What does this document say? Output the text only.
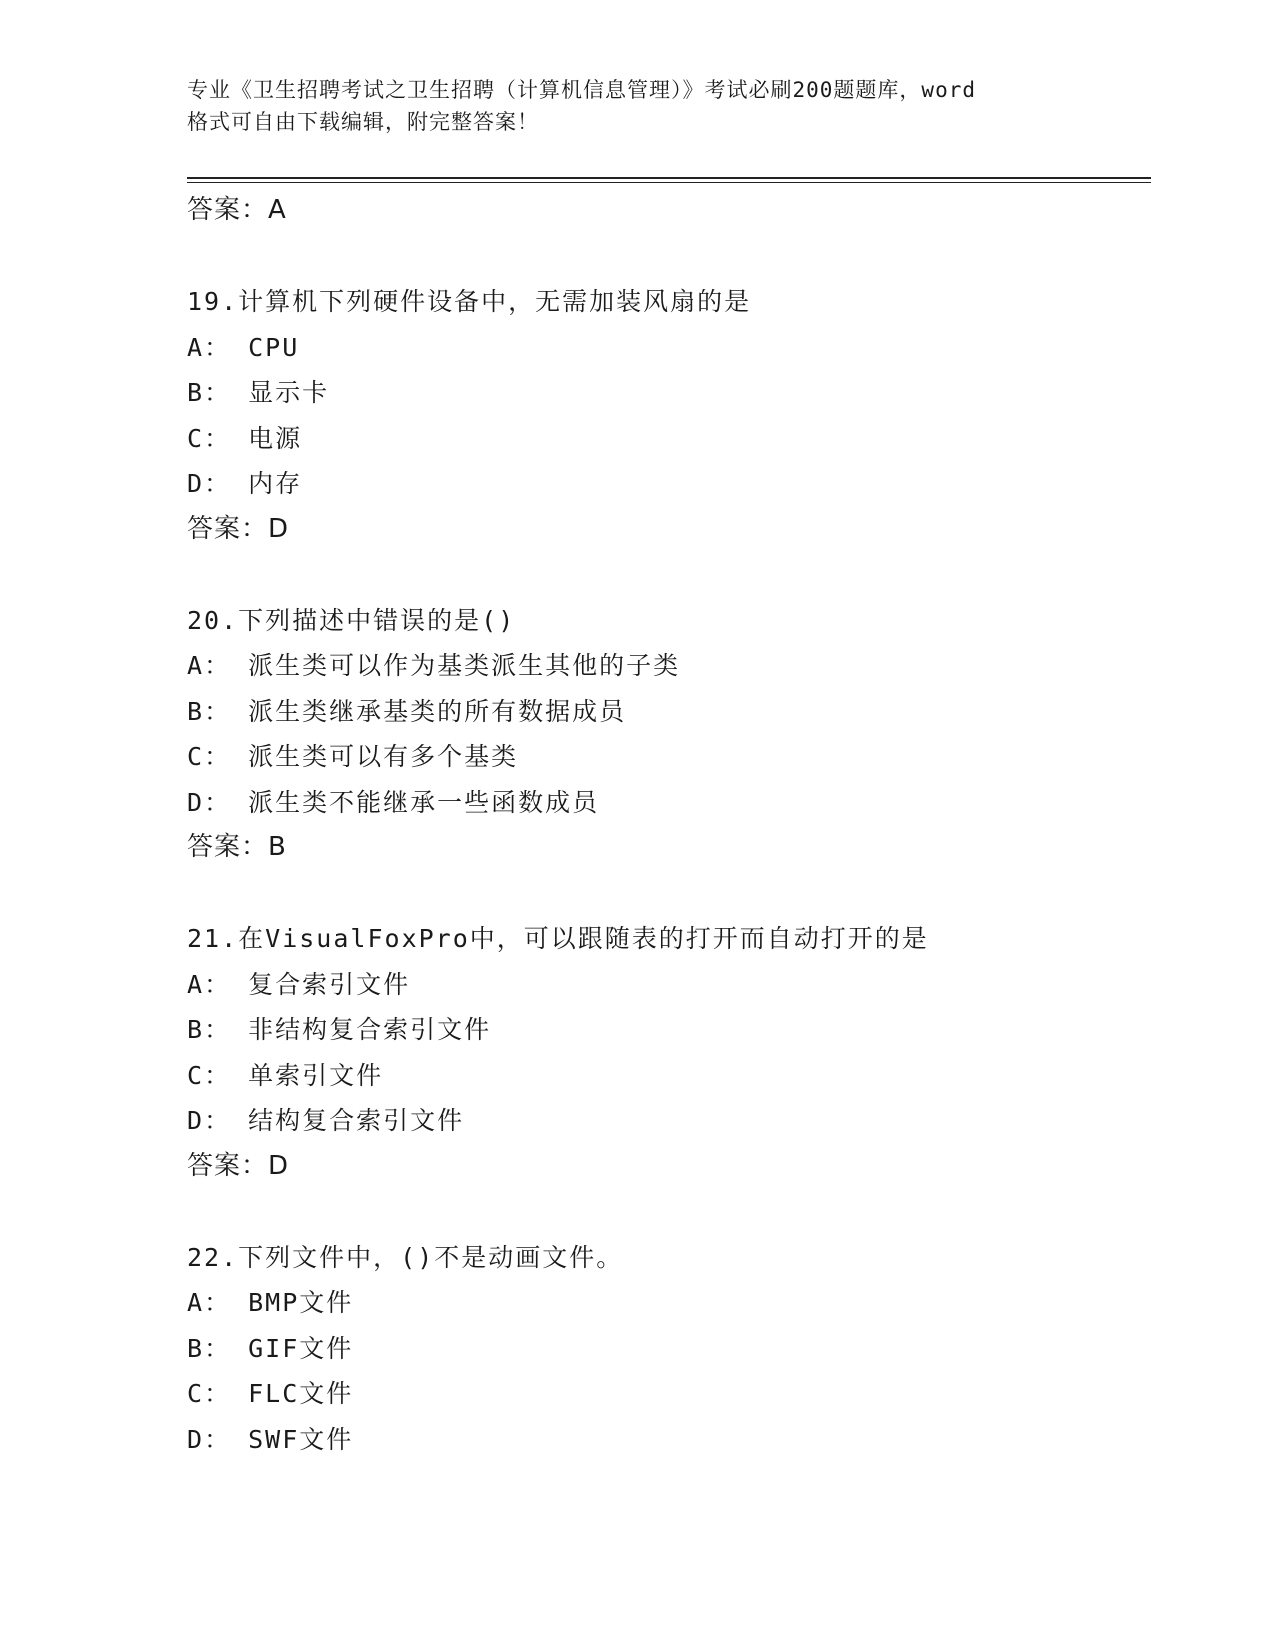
专业《卫生招聘考试之卫生招聘（计算机信息管理）》考试必刷200题题库，word
格式可自由下载编辑，附完整答案！
答案：A
19.计算机下列硬件设备中，无需加装风扇的是
A： CPU
B： 显示卡
C： 电源
D： 内存
答案：D
20.下列描述中错误的是()
A： 派生类可以作为基类派生其他的子类
B： 派生类继承基类的所有数据成员
C： 派生类可以有多个基类
D： 派生类不能继承一些函数成员
答案：B
21.在VisualFoxPro中，可以跟随表的打开而自动打开的是
A： 复合索引文件
B： 非结构复合索引文件
C： 单索引文件
D： 结构复合索引文件
答案：D
22.下列文件中，()不是动画文件。
A： BMP文件
B： GIF文件
C： FLC文件
D： SWF文件
